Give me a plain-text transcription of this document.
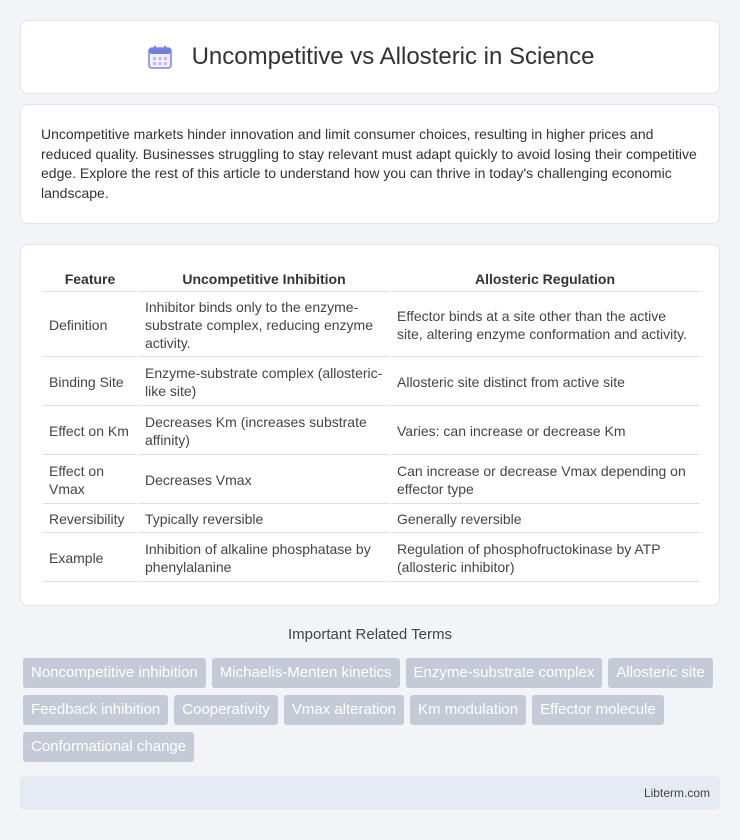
Uncompetitive vs Allosteric in Science

Uncompetitive markets hinder innovation and limit consumer choices, resulting in higher prices and reduced quality. Businesses struggling to stay relevant must adapt quickly to avoid losing their competitive edge. Explore the rest of this article to understand how you can thrive in today's challenging economic landscape.

Feature	Uncompetitive Inhibition	Allosteric Regulation
Definition	Inhibitor binds only to the enzyme-substrate complex, reducing enzyme activity.	Effector binds at a site other than the active site, altering enzyme conformation and activity.
Binding Site	Enzyme-substrate complex (allosteric-like site)	Allosteric site distinct from active site
Effect on Km	Decreases Km (increases substrate affinity)	Varies: can increase or decrease Km
Effect on Vmax	Decreases Vmax	Can increase or decrease Vmax depending on effector type
Reversibility	Typically reversible	Generally reversible
Example	Inhibition of alkaline phosphatase by phenylalanine	Regulation of phosphofructokinase by ATP (allosteric inhibitor)
Important Related Terms
Noncompetitive inhibition	Michaelis-Menten kinetics	Enzyme-substrate complex	Allosteric site
Feedback inhibition	Cooperativity	Vmax alteration	Km modulation	Effector molecule
Conformational change
Libterm.com
